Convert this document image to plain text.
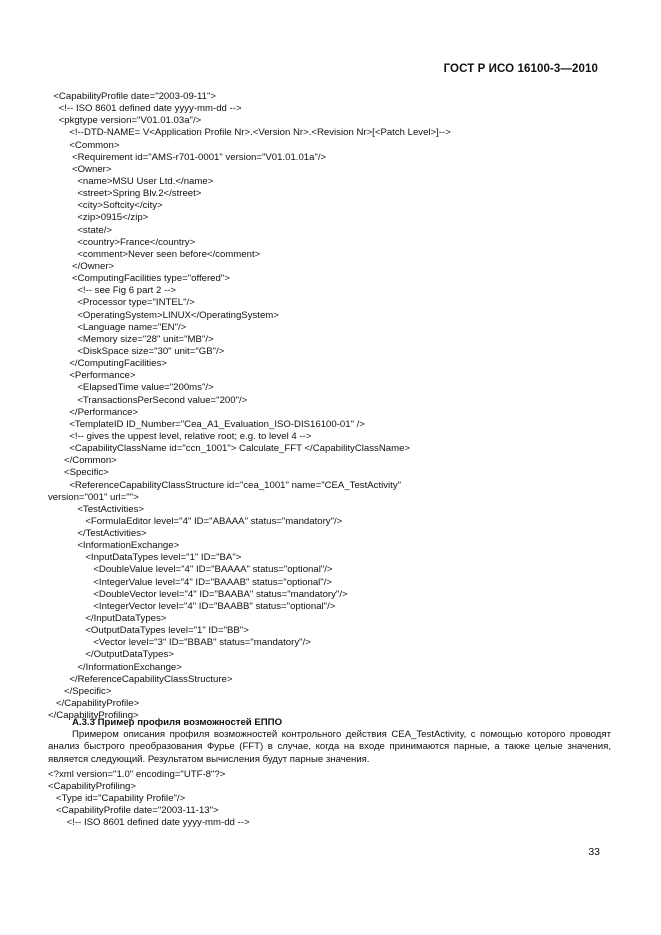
ГОСТ Р ИСО 16100-3—2010
<CapabilityProfile date="2003-09-11">
<!-- ISO 8601 defined date yyyy-mm-dd -->
<pkgtype version="V01.01.03a"/>
<!--DTD-NAME= V<Application Profile Nr>.<Version Nr>.<Revision Nr>[<Patch Level>]-->
<Common>
<Requirement id="AMS-r701-0001" version="V01.01.01a"/>
<Owner>
<name>MSU User Ltd.</name>
<street>Spring Blv.2</street>
<city>Softcity</city>
<zip>0915</zip>
<state/>
<country>France</country>
<comment>Never seen before</comment>
</Owner>
<ComputingFacilities type="offered">
<!-- see Fig 6 part 2 -->
<Processor type="INTEL"/>
<OperatingSystem>LINUX</OperatingSystem>
<Language name="EN"/>
<Memory size="28" unit="MB"/>
<DiskSpace size="30" unit="GB"/>
</ComputingFacilities>
<Performance>
<ElapsedTime value="200ms"/>
<TransactionsPerSecond value="200"/>
</Performance>
<TemplateID ID_Number="Cea_A1_Evaluation_ISO-DIS16100-01" />
<!-- gives the uppest level, relative root; e.g. to level 4 -->
<CapabilityClassName id="ccn_1001"> Calculate_FFT </CapabilityClassName>
</Common>
<Specific>
<ReferenceCapabilityClassStructure id="cea_1001" name="CEA_TestActivity"
version="001" url="">
<TestActivities>
<FormulaEditor level="4" ID="ABAAA" status="mandatory"/>
</TestActivities>
<InformationExchange>
<InputDataTypes level="1" ID="BA">
<DoubleValue level="4" ID="BAAAA" status="optional"/>
<IntegerValue level="4" ID="BAAAB" status="optional"/>
<DoubleVector level="4" ID="BAABA" status="mandatory"/>
<IntegerVector level="4" ID="BAABB" status="optional"/>
</InputDataTypes>
<OutputDataTypes level="1" ID="BB">
<Vector level="3" ID="BBAB" status="mandatory"/>
</OutputDataTypes>
</InformationExchange>
</ReferenceCapabilityClassStructure>
</Specific>
</CapabilityProfile>
</CapabilityProfiling>
A.3.3 Пример профиля возможностей ЕППО

Примером описания профиля возможностей контрольного действия CEA_TestActivity, с помощью которого проводят анализ быстрого преобразования Фурье (FFT) в случае, когда на входе принимаются парные, а также целые значения, является следующий. Результатом вычисления будут парные значения.

<?xml version="1.0" encoding="UTF-8"?>
<CapabilityProfiling>
<Type id="Capability Profile"/>
<CapabilityProfile date="2003-11-13">
<!-- ISO 8601 defined date yyyy-mm-dd -->
33
